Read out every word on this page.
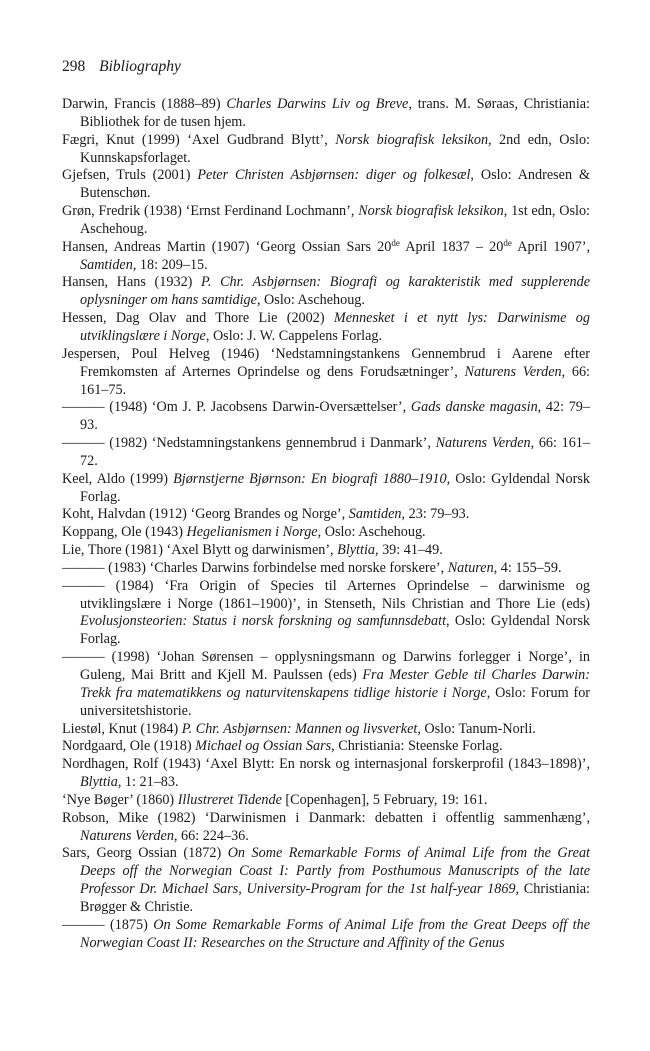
298 Bibliography

Darwin, Francis (1888–89) Charles Darwins Liv og Breve, trans. M. Søraas, Christiania: Bibliothek for de tusen hjem.

Fægri, Knut (1999) ‘Axel Gudbrand Blytt’, Norsk biografisk leksikon, 2nd edn, Oslo: Kunnskapsforlaget.

Gjefsen, Truls (2001) Peter Christen Asbjørnsen: diger og folkesæl, Oslo: Andresen & Butenschøn.

Grøn, Fredrik (1938) ‘Ernst Ferdinand Lochmann’, Norsk biografisk leksikon, 1st edn, Oslo: Aschehoug.

Hansen, Andreas Martin (1907) ‘Georg Ossian Sars 20de April 1837 – 20de April 1907’, Samtiden, 18: 209–15.

Hansen, Hans (1932) P. Chr. Asbjørnsen: Biografi og karakteristik med supplerende oplysninger om hans samtidige, Oslo: Aschehoug.

Hessen, Dag Olav and Thore Lie (2002) Mennesket i et nytt lys: Darwinisme og utviklingslære i Norge, Oslo: J. W. Cappelens Forlag.

Jespersen, Poul Helveg (1946) ‘Nedstamningstankens Gennembrud i Aarene efter Fremkomsten af Arternes Oprindelse og dens Forudsætninger’, Naturens Verden, 66: 161–75.

——— (1948) ‘Om J. P. Jacobsens Darwin-Oversættelser’, Gads danske magasin, 42: 79–93.

——— (1982) ‘Nedstamningstankens gennembrud i Danmark’, Naturens Verden, 66: 161–72.

Keel, Aldo (1999) Bjørnstjerne Bjørnson: En biografi 1880–1910, Oslo: Gyldendal Norsk Forlag.

Koht, Halvdan (1912) ‘Georg Brandes og Norge’, Samtiden, 23: 79–93.

Koppang, Ole (1943) Hegelianismen i Norge, Oslo: Aschehoug.

Lie, Thore (1981) ‘Axel Blytt og darwinismen’, Blyttia, 39: 41–49.

——— (1983) ‘Charles Darwins forbindelse med norske forskere’, Naturen, 4: 155–59.

——— (1984) ‘Fra Origin of Species til Arternes Oprindelse – darwinisme og utviklingslære i Norge (1861–1900)’, in Stenseth, Nils Christian and Thore Lie (eds) Evolusjonsteorien: Status i norsk forskning og samfunnsdebatt, Oslo: Gyldendal Norsk Forlag.

——— (1998) ‘Johan Sørensen – opplysningsmann og Darwins forlegger i Norge’, in Guleng, Mai Britt and Kjell M. Paulssen (eds) Fra Mester Geble til Charles Darwin: Trekk fra matematikkens og naturvitenskapens tidlige historie i Norge, Oslo: Forum for universitetshistorie.

Liestøl, Knut (1984) P. Chr. Asbjørnsen: Mannen og livsverket, Oslo: Tanum-Norli.

Nordgaard, Ole (1918) Michael og Ossian Sars, Christiania: Steenske Forlag.

Nordhagen, Rolf (1943) ‘Axel Blytt: En norsk og internasjonal forskerprofil (1843–1898)’, Blyttia, 1: 21–83.

‘Nye Bøger’ (1860) Illustreret Tidende [Copenhagen], 5 February, 19: 161.

Robson, Mike (1982) ‘Darwinismen i Danmark: debatten i offentlig sammenhæng’, Naturens Verden, 66: 224–36.

Sars, Georg Ossian (1872) On Some Remarkable Forms of Animal Life from the Great Deeps off the Norwegian Coast I: Partly from Posthumous Manuscripts of the late Professor Dr. Michael Sars, University-Program for the 1st half-year 1869, Christiania: Brøgger & Christie.

——— (1875) On Some Remarkable Forms of Animal Life from the Great Deeps off the Norwegian Coast II: Researches on the Structure and Affinity of the Genus
